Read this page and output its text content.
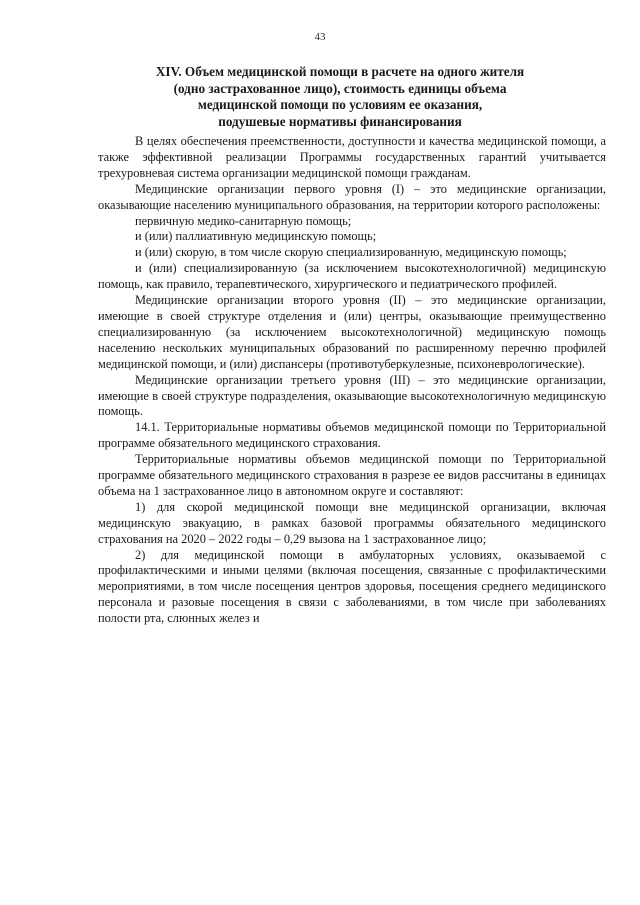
43
XIV. Объем медицинской помощи в расчете на одного жителя
(одно застрахованное лицо), стоимость единицы объема
медицинской помощи по условиям ее оказания,
подушевые нормативы финансирования

В целях обеспечения преемственности, доступности и качества медицинской помощи, а также эффективной реализации Программы государственных гарантий учитывается трехуровневая система организации медицинской помощи гражданам.

Медицинские организации первого уровня (I) – это медицинские организации, оказывающие населению муниципального образования, на территории которого расположены:

первичную медико-санитарную помощь;

и (или) паллиативную медицинскую помощь;

и (или) скорую, в том числе скорую специализированную, медицинскую помощь;

и (или) специализированную (за исключением высокотехнологичной) медицинскую помощь, как правило, терапевтического, хирургического и педиатрического профилей.

Медицинские организации второго уровня (II) – это медицинские организации, имеющие в своей структуре отделения и (или) центры, оказывающие преимущественно специализированную (за исключением высокотехнологичной) медицинскую помощь населению нескольких муниципальных образований по расширенному перечню профилей медицинской помощи, и (или) диспансеры (противотуберкулезные, психоневрологические).

Медицинские организации третьего уровня (III) – это медицинские организации, имеющие в своей структуре подразделения, оказывающие высокотехнологичную медицинскую помощь.

14.1. Территориальные нормативы объемов медицинской помощи по Территориальной программе обязательного медицинского страхования.

Территориальные нормативы объемов медицинской помощи по Территориальной программе обязательного медицинского страхования в разрезе ее видов рассчитаны в единицах объема на 1 застрахованное лицо в автономном округе и составляют:

1) для скорой медицинской помощи вне медицинской организации, включая медицинскую эвакуацию, в рамках базовой программы обязательного медицинского страхования на 2020 – 2022 годы – 0,29 вызова на 1 застрахованное лицо;

2) для медицинской помощи в амбулаторных условиях, оказываемой с профилактическими и иными целями (включая посещения, связанные с профилактическими мероприятиями, в том числе посещения центров здоровья, посещения среднего медицинского персонала и разовые посещения в связи с заболеваниями, в том числе при заболеваниях полости рта, слюнных желез и
